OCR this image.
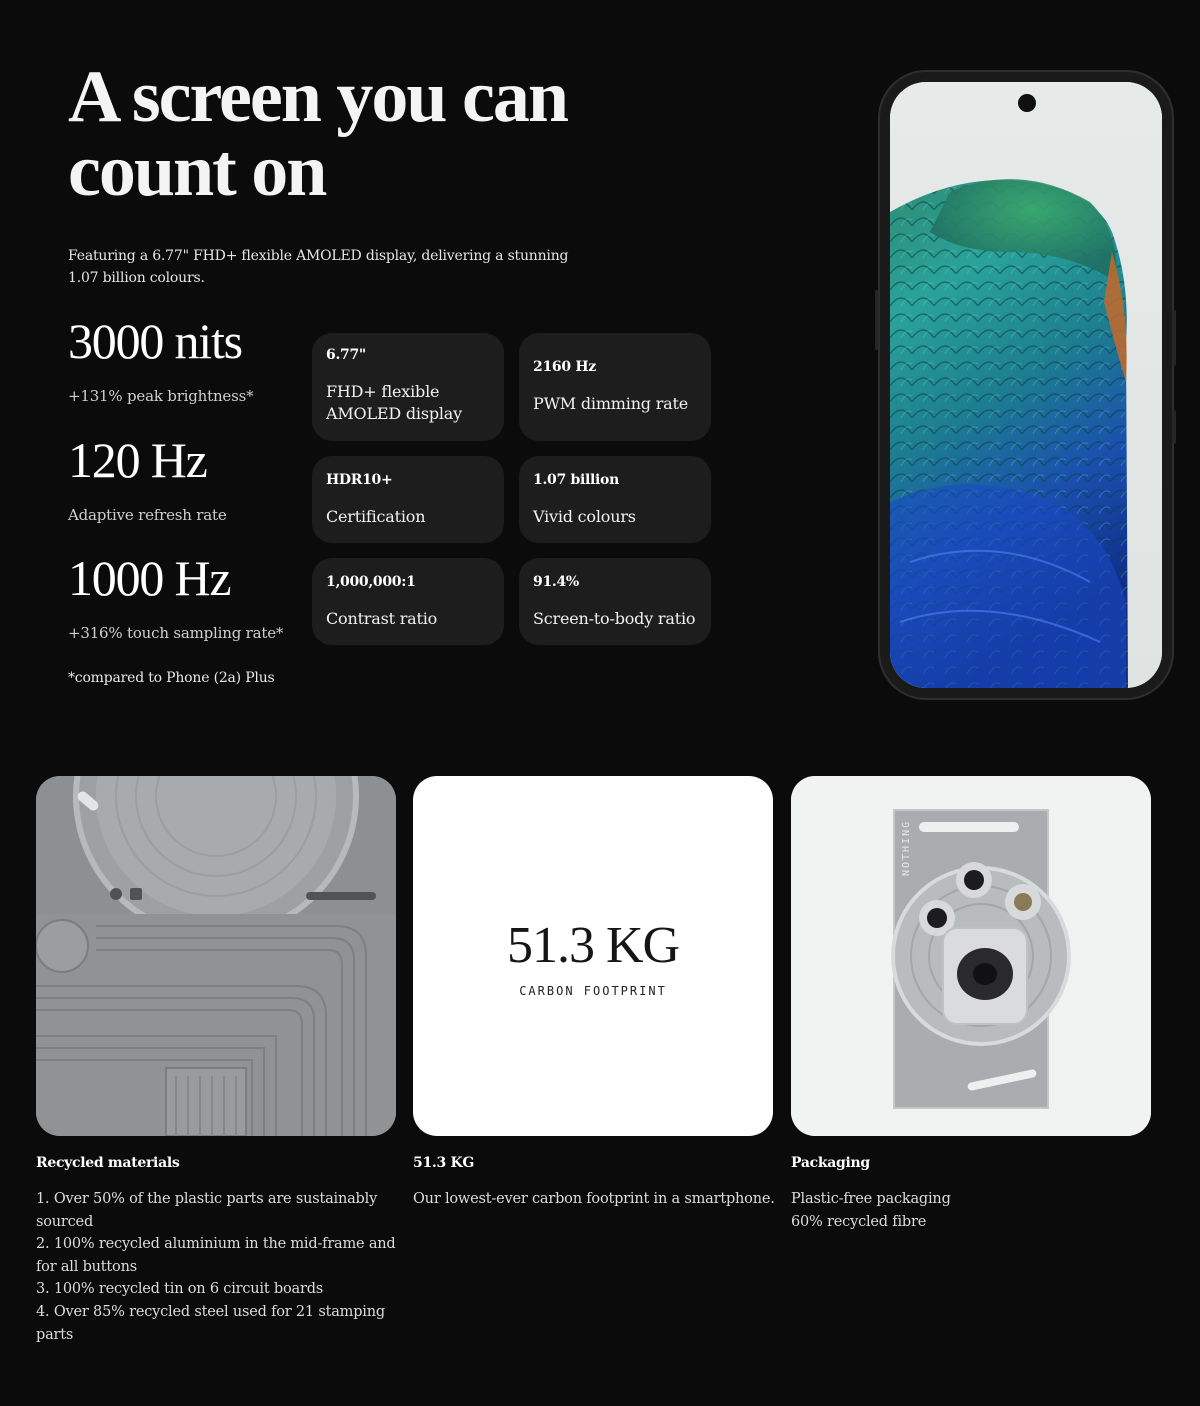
A screen you can
count on

Featuring a 6.77" FHD+ flexible AMOLED display, delivering a stunning 1.07 billion colours.

3000 nits
+131% peak brightness*
120 Hz
Adaptive refresh rate
1000 Hz
+316% touch sampling rate*
*compared to Phone (2a) Plus
6.77"
FHD+ flexible AMOLED display
2160 Hz
PWM dimming rate
HDR10+
Certification
1.07 billion
Vivid colours
1,000,000:1
Contrast ratio
91.4%
Screen-to-body ratio
51.3 KG
CARBON FOOTPRINT
NOTHING
Recycled materials
1. Over 50% of the plastic parts are sustainably sourced
2. 100% recycled aluminium in the mid-frame and for all buttons
3. 100% recycled tin on 6 circuit boards
4. Over 85% recycled steel used for 21 stamping parts
51.3 KG
Our lowest-ever carbon footprint in a smartphone.
Packaging
Plastic-free packaging
60% recycled fibre
